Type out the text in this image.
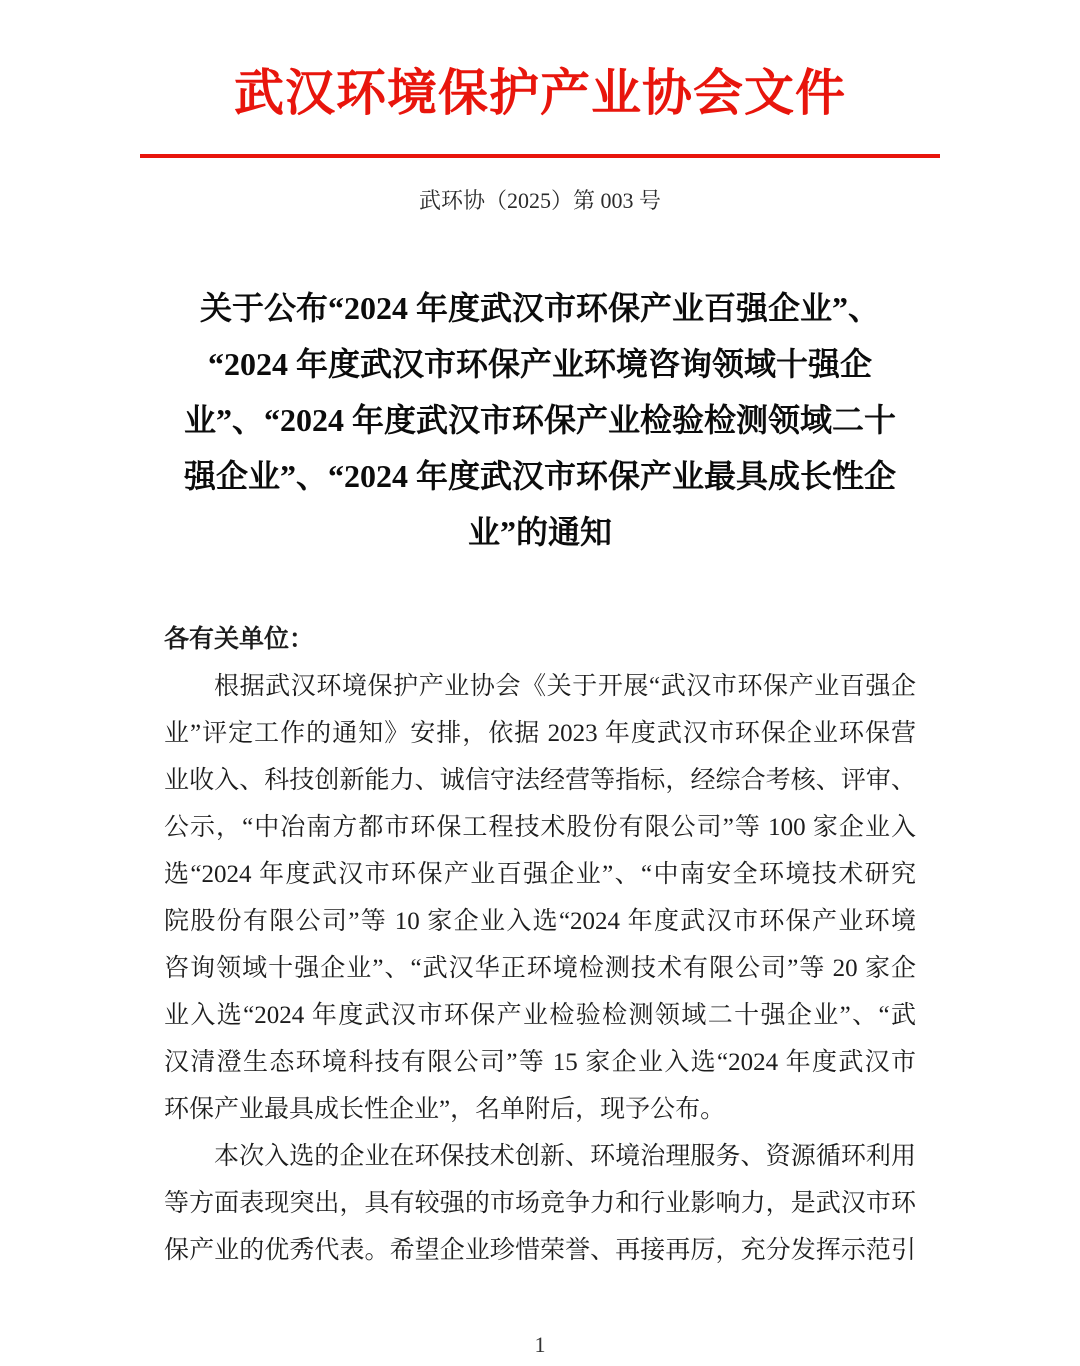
武汉环境保护产业协会文件
武环协（2025）第 003 号
关于公布“2024 年度武汉市环保产业百强企业”、
“2024 年度武汉市环保产业环境咨询领域十强企
业”、“2024 年度武汉市环保产业检验检测领域二十
强企业”、“2024 年度武汉市环保产业最具成长性企
业”的通知
各有关单位：
根据武汉环境保护产业协会《关于开展“武汉市环保产业百强企
业”评定工作的通知》安排，依据 2023 年度武汉市环保企业环保营
业收入、科技创新能力、诚信守法经营等指标，经综合考核、评审、
公示，“中冶南方都市环保工程技术股份有限公司”等 100 家企业入
选“2024 年度武汉市环保产业百强企业”、“中南安全环境技术研究
院股份有限公司”等 10 家企业入选“2024 年度武汉市环保产业环境
咨询领域十强企业”、“武汉华正环境检测技术有限公司”等 20 家企
业入选“2024 年度武汉市环保产业检验检测领域二十强企业”、“武
汉清澄生态环境科技有限公司”等 15 家企业入选“2024 年度武汉市
环保产业最具成长性企业”，名单附后，现予公布。
本次入选的企业在环保技术创新、环境治理服务、资源循环利用
等方面表现突出，具有较强的市场竞争力和行业影响力，是武汉市环
保产业的优秀代表。希望企业珍惜荣誉、再接再厉，充分发挥示范引
1
